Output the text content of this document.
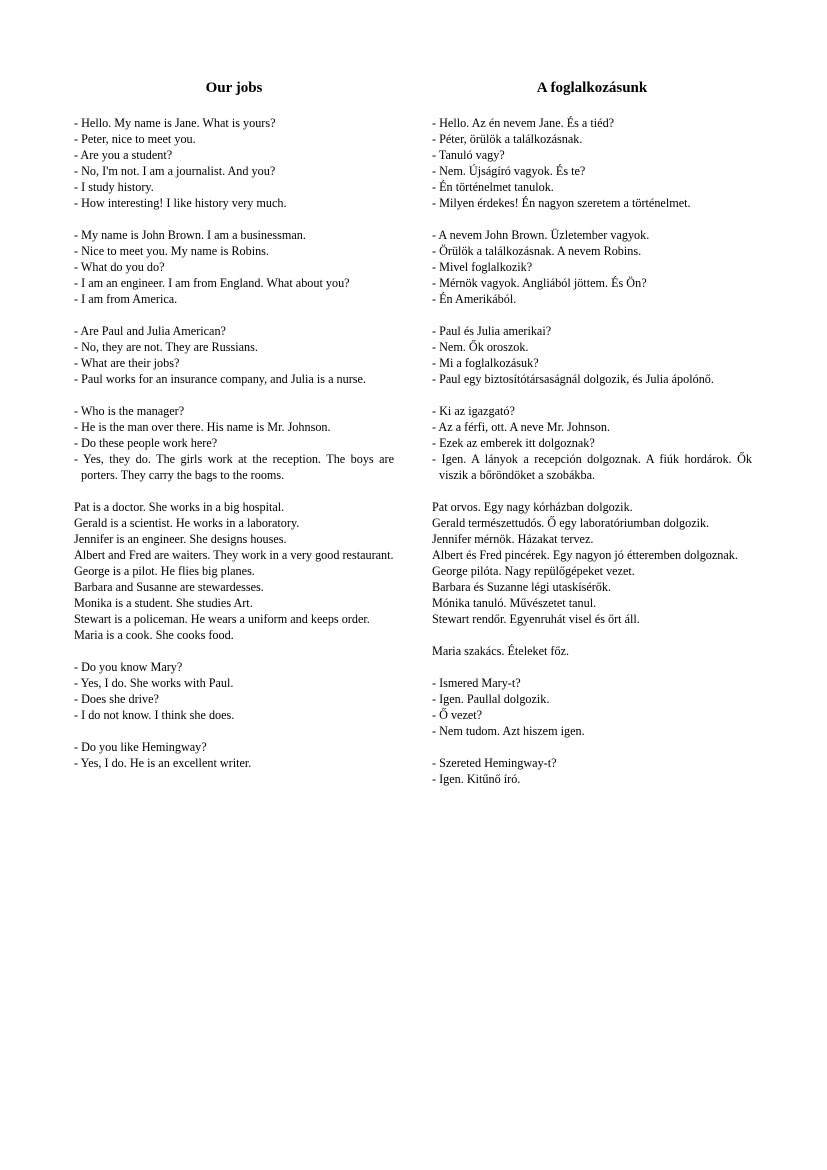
Our jobs
- Hello. My name is Jane. What is yours?
- Peter, nice to meet you.
- Are you a student?
- No, I'm not. I am a journalist. And you?
- I study history.
- How interesting! I like history very much.
- My name is John Brown. I am a businessman.
- Nice to meet you. My name is Robins.
- What do you do?
- I am an engineer. I am from England. What about you?
- I am from America.
- Are Paul and Julia American?
- No, they are not. They are Russians.
- What are their jobs?
- Paul works for an insurance company, and Julia is a nurse.
- Who is the manager?
- He is the man over there. His name is Mr. Johnson.
- Do these people work here?
- Yes, they do. The girls work at the reception. The boys are porters. They carry the bags to the rooms.
Pat is a doctor. She works in a big hospital.
Gerald is a scientist. He works in a laboratory.
Jennifer is an engineer. She designs houses.
Albert and Fred are waiters. They work in a very good restaurant.
George is a pilot. He flies big planes.
Barbara and Susanne are stewardesses.
Monika is a student. She studies Art.
Stewart is a policeman. He wears a uniform and keeps order.
Maria is a cook. She cooks food.
- Do you know Mary?
- Yes, I do. She works with Paul.
- Does she drive?
- I do not know. I think she does.
- Do you like Hemingway?
- Yes, I do. He is an excellent writer.
A foglalkozásunk
- Hello. Az én nevem Jane. És a tiéd?
- Péter, örülök a találkozásnak.
- Tanuló vagy?
- Nem. Újságíró vagyok. És te?
- Én történelmet tanulok.
- Milyen érdekes! Én nagyon szeretem a történelmet.
- A nevem John Brown. Üzletember vagyok.
- Örülök a találkozásnak. A nevem Robins.
- Mivel foglalkozik?
- Mérnök vagyok. Angliából jöttem. És Ön?
- Én Amerikából.
- Paul és Julia amerikai?
- Nem. Ők oroszok.
- Mi a foglalkozásuk?
- Paul egy biztosítótársaságnál dolgozik, és Julia ápolónő.
- Ki az igazgató?
- Az a férfi, ott. A neve Mr. Johnson.
- Ezek az emberek itt dolgoznak?
- Igen. A lányok a recepción dolgoznak. A fiúk hordárok. Ők viszik a bőröndöket a szobákba.
Pat orvos. Egy nagy kórházban dolgozik.
Gerald természettudós. Ő egy laboratóriumban dolgozik.
Jennifer mérnök. Házakat tervez.
Albert és Fred pincérek. Egy nagyon jó étteremben dolgoznak.
George pilóta. Nagy repülőgépeket vezet.
Barbara és Suzanne légi utaskísérők.
Mónika tanuló. Művészetet tanul.
Stewart rendőr. Egyenruhát visel és őrt áll.
Maria szakács. Ételeket főz.
- Ismered Mary-t?
- Igen. Paullal dolgozik.
- Ő vezet?
- Nem tudom. Azt hiszem igen.
- Szereted Hemingway-t?
- Igen. Kitűnő író.
